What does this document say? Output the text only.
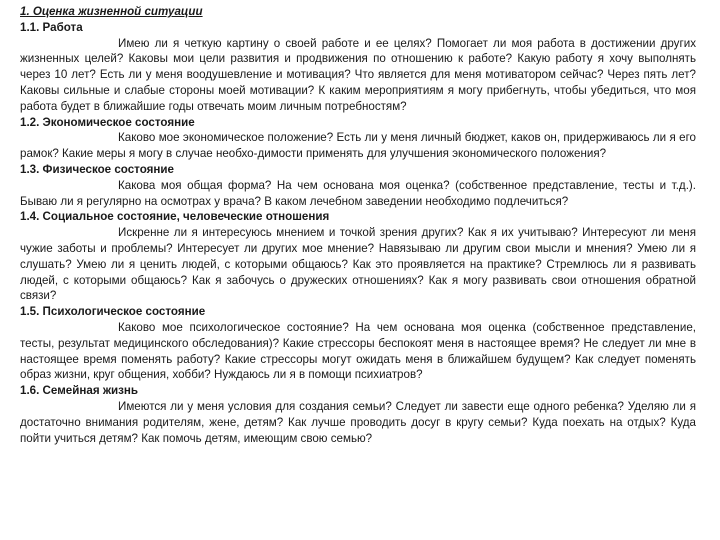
1. Оценка жизненной ситуации
1.1. Работа

Имею ли я четкую картину о своей работе и ее целях? Помогает ли моя работа в достижении других жизненных целей? Каковы мои цели развития и продвижения по отношению к работе? Какую работу я хочу выполнять через 10 лет? Есть ли у меня воодушевление и мотивация? Что является для меня мотиватором сейчас? Через пять лет? Каковы сильные и слабые стороны моей мотивации? К каким мероприятиям я могу прибегнуть, чтобы убедиться, что моя работа будет в ближайшие годы отвечать моим личным потребностям?

1.2. Экономическое состояние

Каково мое экономическое положение? Есть ли у меня личный бюджет, каков он, придерживаюсь ли я его рамок? Какие меры я могу в случае необхо-димости применять для улучшения экономического положения?

1.3. Физическое состояние

Какова моя общая форма? На чем основана моя оценка? (собственное представление, тесты и т.д.). Бываю ли я регулярно на осмотрах у врача? В каком лечебном заведении необходимо подлечиться?

1.4. Социальное состояние, человеческие отношения

Искренне ли я интересуюсь мнением и точкой зрения других? Как я их учитываю? Интересуют ли меня чужие заботы и проблемы? Интересует ли других мое мнение? Навязываю ли другим свои мысли и мнения? Умею ли я слушать? Умею ли я ценить людей, с которыми общаюсь? Как это проявляется на практике? Стремлюсь ли я развивать людей, с которыми общаюсь? Как я забочусь о дружеских отношениях? Как я могу развивать свои отношения обратной связи?

1.5. Психологическое состояние

Каково мое психологическое состояние? На чем основана моя оценка (собственное представление, тесты, результат медицинского обследования)? Какие стрессоры беспокоят меня в настоящее время? Не следует ли мне в настоящее время поменять работу? Какие стрессоры могут ожидать меня в ближайшем будущем? Как следует поменять образ жизни, круг общения, хобби? Нуждаюсь ли я в помощи психиатров?

1.6. Семейная жизнь

Имеются ли у меня условия для создания семьи? Следует ли завести еще одного ребенка? Уделяю ли я достаточно внимания родителям, жене, детям? Как лучше проводить досуг в кругу семьи? Куда поехать на отдых? Куда пойти учиться детям? Как помочь детям, имеющим свою семью?
